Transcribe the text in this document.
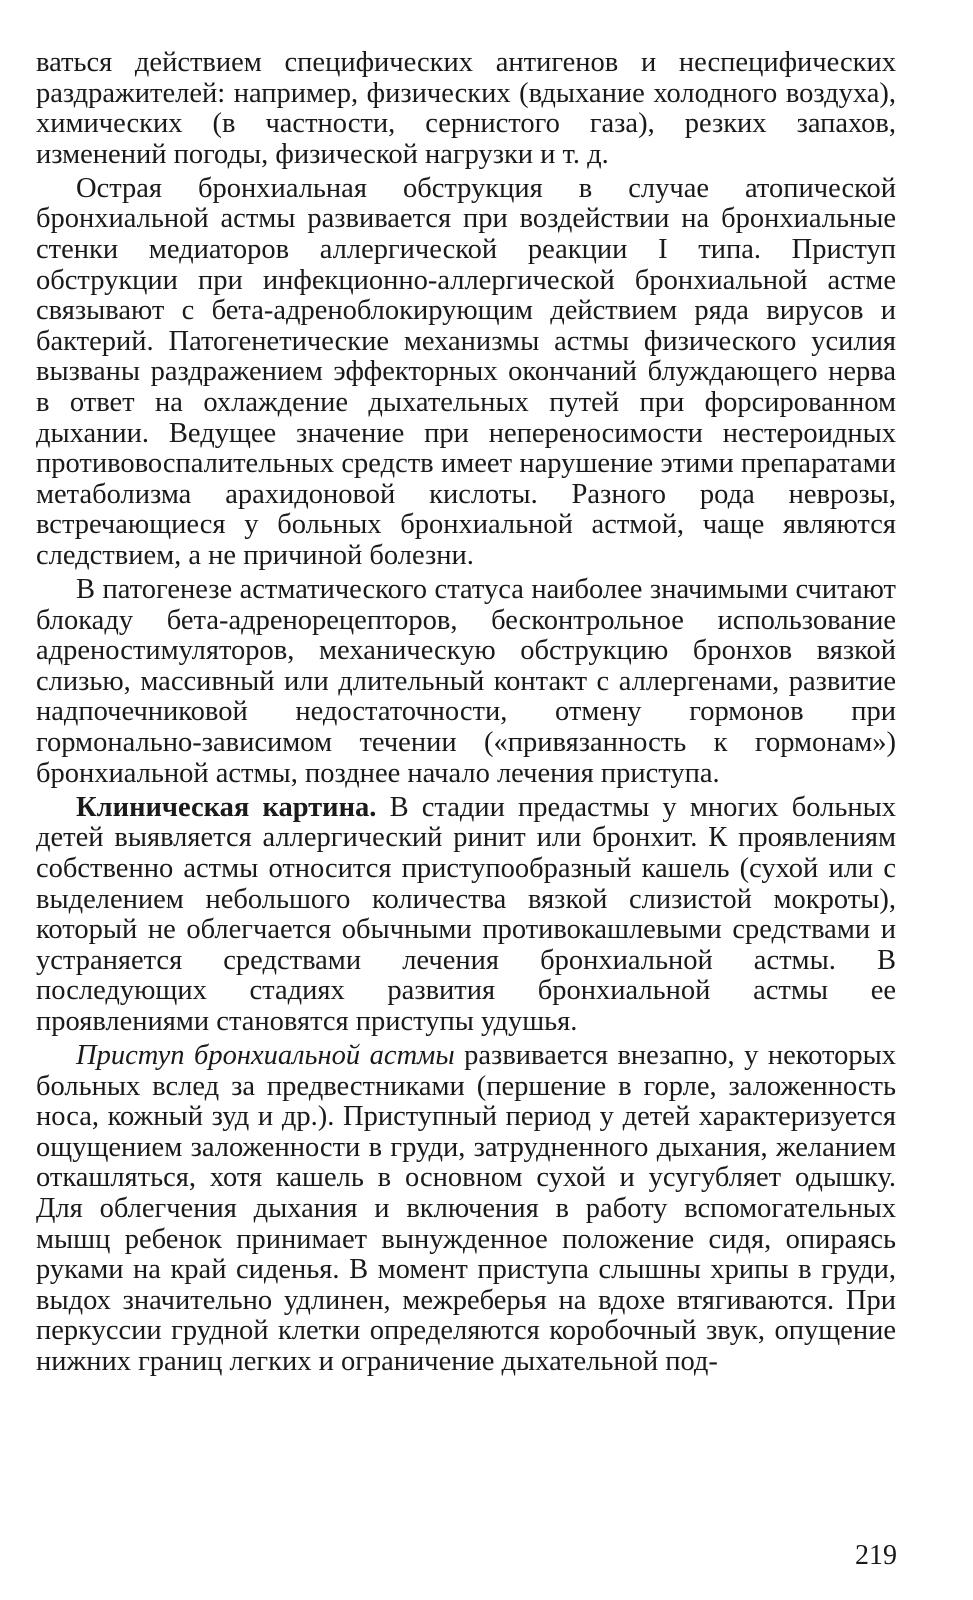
ваться действием специфических антигенов и неспецифических раздражителей: например, физических (вдыхание холодного воздуха), химических (в частности, сернистого газа), резких запахов, изменений погоды, физической нагрузки и т. д.

Острая бронхиальная обструкция в случае атопической бронхиальной астмы развивается при воздействии на бронхиальные стенки медиаторов аллергической реакции I типа. Приступ обструкции при инфекционно-аллергической бронхиальной астме связывают с бета-адреноблокирующим действием ряда вирусов и бактерий. Патогенетические механизмы астмы физического усилия вызваны раздражением эффекторных окончаний блуждающего нерва в ответ на охлаждение дыхательных путей при форсированном дыхании. Ведущее значение при непереносимости нестероидных противовоспалительных средств имеет нарушение этими препаратами метаболизма арахидоновой кислоты. Разного рода неврозы, встречающиеся у больных бронхиальной астмой, чаще являются следствием, а не причиной болезни.

В патогенезе астматического статуса наиболее значимыми считают блокаду бета-адренорецепторов, бесконтрольное использование адреностимуляторов, механическую обструкцию бронхов вязкой слизью, массивный или длительный контакт с аллергенами, развитие надпочечниковой недостаточности, отмену гормонов при гормонально-зависимом течении («привязанность к гормонам») бронхиальной астмы, позднее начало лечения приступа.

Клиническая картина. В стадии предастмы у многих больных детей выявляется аллергический ринит или бронхит. К проявлениям собственно астмы относится приступообразный кашель (сухой или с выделением небольшого количества вязкой слизистой мокроты), который не облегчается обычными противокашлевыми средствами и устраняется средствами лечения бронхиальной астмы. В последующих стадиях развития бронхиальной астмы ее проявлениями становятся приступы удушья.

Приступ бронхиальной астмы развивается внезапно, у некоторых больных вслед за предвестниками (першение в горле, заложенность носа, кожный зуд и др.). Приступный период у детей характеризуется ощущением заложенности в груди, затрудненного дыхания, желанием откашляться, хотя кашель в основном сухой и усугубляет одышку. Для облегчения дыхания и включения в работу вспомогательных мышц ребенок принимает вынужденное положение сидя, опираясь руками на край сиденья. В момент приступа слышны хрипы в груди, выдох значительно удлинен, межреберья на вдохе втягиваются. При перкуссии грудной клетки определяются коробочный звук, опущение нижних границ легких и ограничение дыхательной под-

219
